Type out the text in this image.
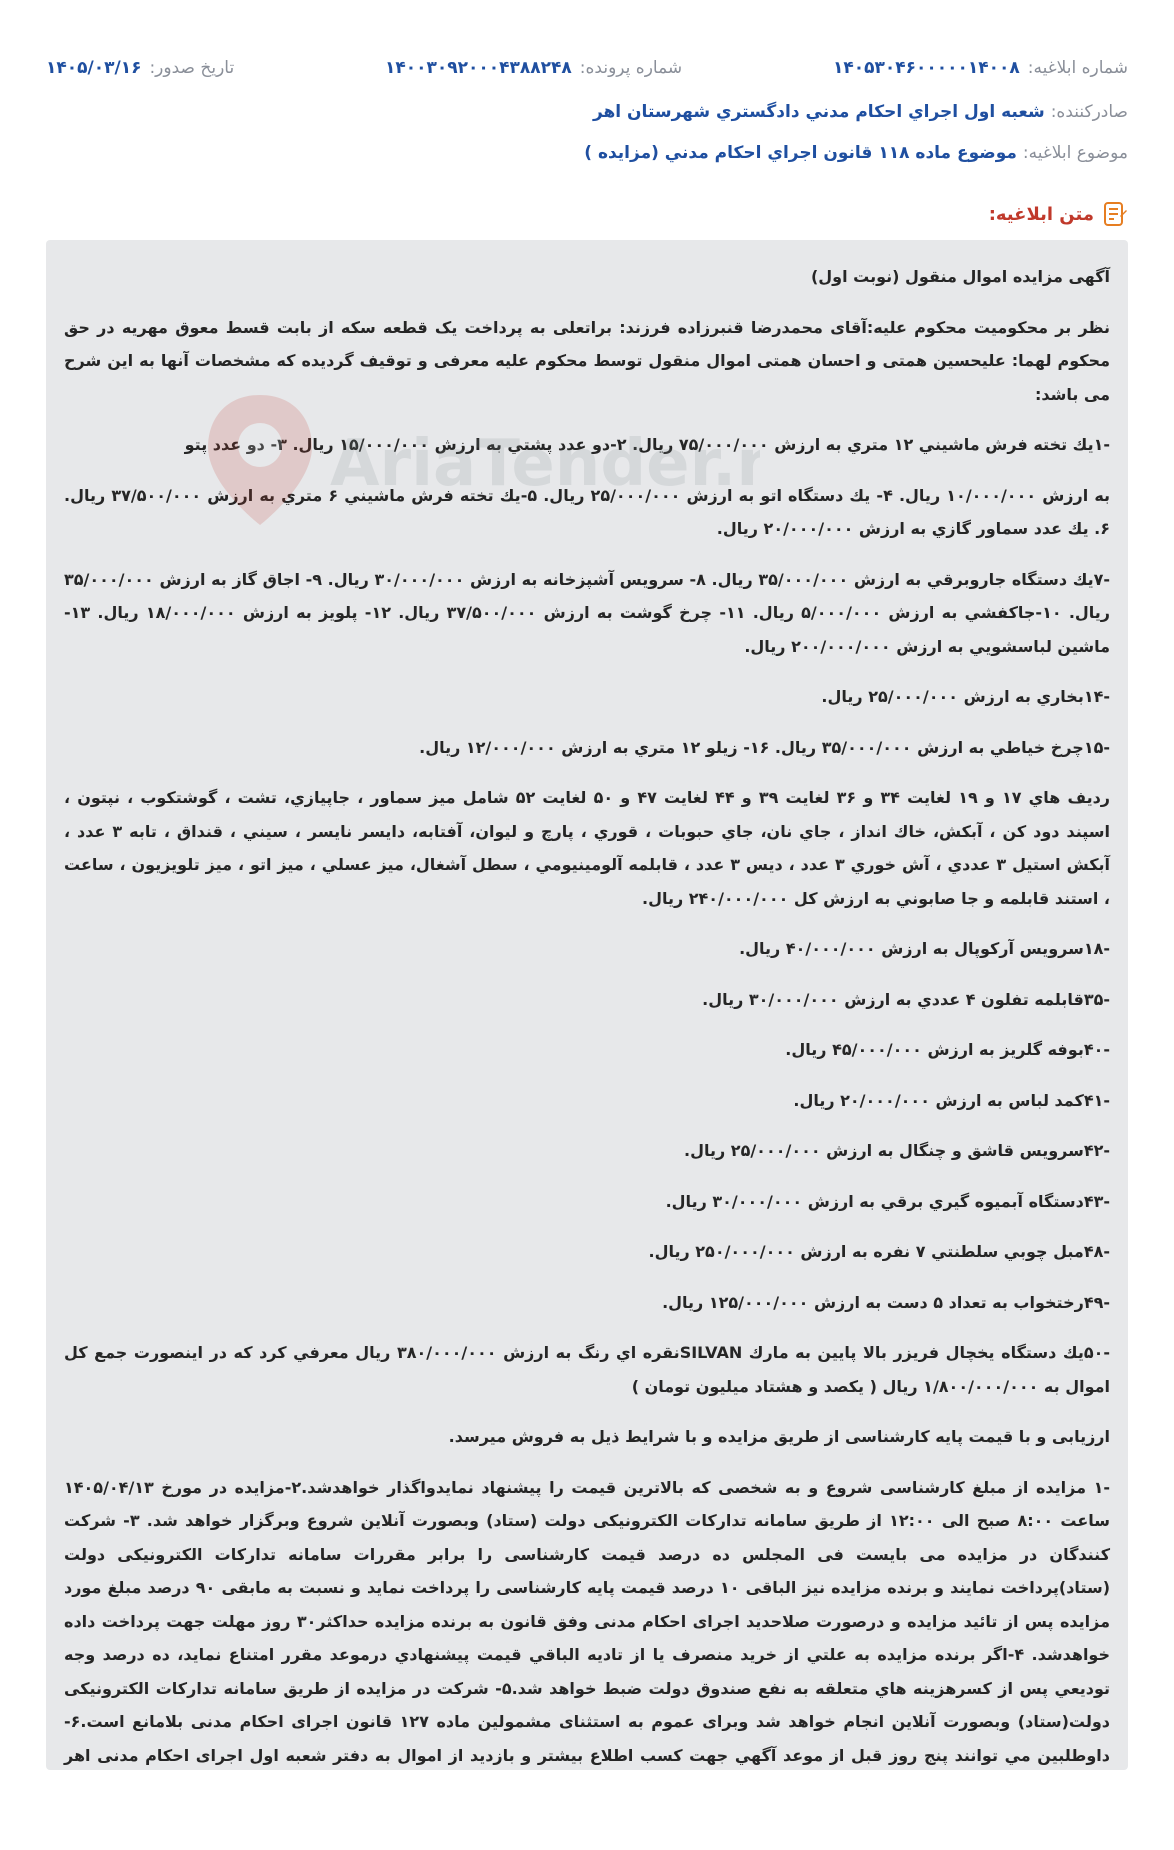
شماره ابلاغیه:
۱۴۰۵۳۰۴۶۰۰۰۰۰۱۴۰۰۸
شماره پرونده:
۱۴۰۰۳۰۹۲۰۰۰۴۳۸۸۲۴۸
تاریخ صدور:
۱۴۰۵/۰۳/۱۶
صادرکننده:شعبه اول اجراي احكام مدني دادگستري شهرستان اهر
موضوع ابلاغیه:موضوع ماده ۱۱۸ قانون اجراي احكام مدني (مزایده )
متن ابلاغیه:

آگهی مزایده اموال منقول (نوبت اول)

نظر بر محکومیت محکوم علیه:آقای محمدرضا قنبرزاده فرزند: براتعلی به پرداخت یک قطعه سکه از بابت قسط معوق مهریه در حق محکوم لهما: علیحسین همتی و احسان همتی اموال منقول توسط محکوم علیه معرفی و توقیف گردیده که مشخصات آنها به این شرح می باشد:

-۱يك تخته فرش ماشيني ۱۲ متري به ارزش ۷۵/۰۰۰/۰۰۰ ريال. ۲-دو عدد پشتي به ارزش ۱۵/۰۰۰/۰۰۰ ريال. ۳- دو عدد پتو

به ارزش ۱۰/۰۰۰/۰۰۰ ريال. ۴- يك دستگاه اتو به ارزش ۲۵/۰۰۰/۰۰۰ ريال. ۵-يك تخته فرش ماشيني ۶ متري به ارزش ۳۷/۵۰۰/۰۰۰ ريال. ۶. يك عدد سماور گازي به ارزش ۲۰/۰۰۰/۰۰۰ ريال.

-۷يك دستگاه جاروبرقي به ارزش ۳۵/۰۰۰/۰۰۰ ريال. ۸- سرويس آشپزخانه به ارزش ۳۰/۰۰۰/۰۰۰ ريال. ۹- اجاق گاز به ارزش ۳۵/۰۰۰/۰۰۰ ريال. ۱۰-جاكفشي به ارزش ۵/۰۰۰/۰۰۰ ريال. ۱۱- چرخ گوشت به ارزش ۳۷/۵۰۰/۰۰۰ ريال. ۱۲- پلويز به ارزش ۱۸/۰۰۰/۰۰۰ ريال. ۱۳- ماشين لباسشويي به ارزش ۲۰۰/۰۰۰/۰۰۰ ريال.

-۱۴بخاري به ارزش ۲۵/۰۰۰/۰۰۰ ريال.

-۱۵چرخ خياطي به ارزش ۳۵/۰۰۰/۰۰۰ ريال. ۱۶- زيلو ۱۲ متري به ارزش ۱۲/۰۰۰/۰۰۰ ريال.

رديف هاي ۱۷ و ۱۹ لغايت ۳۴ و ۳۶ لغايت ۳۹ و ۴۴ لغايت ۴۷ و ۵۰ لغايت ۵۲ شامل ميز سماور ، جاپيازي، تشت ، گوشتكوب ، نپتون ، اسپند دود كن ، آبكش، خاك انداز ، جاي نان، جاي حبوبات ، قوري ، پارچ و ليوان، آفتابه، دايسر نايسر ، سيني ، قنداق ، تابه ۳ عدد ، آبكش استيل ۳ عددي ، آش خوري ۳ عدد ، ديس ۳ عدد ، قابلمه آلومينيومي ، سطل آشغال، ميز عسلي ، ميز اتو ، ميز تلويزيون ، ساعت ، استند قابلمه و جا صابوني به ارزش كل ۲۴۰/۰۰۰/۰۰۰ ريال.

-۱۸سرويس آركوپال به ارزش ۴۰/۰۰۰/۰۰۰ ريال.

-۳۵قابلمه تفلون ۴ عددي به ارزش ۳۰/۰۰۰/۰۰۰ ريال.

-۴۰بوفه گلريز به ارزش ۴۵/۰۰۰/۰۰۰ ريال.

-۴۱كمد لباس به ارزش ۲۰/۰۰۰/۰۰۰ ريال.

-۴۲سرويس قاشق و چنگال به ارزش ۲۵/۰۰۰/۰۰۰ ريال.

-۴۳دستگاه آبميوه گيري برقي به ارزش ۳۰/۰۰۰/۰۰۰ ريال.

-۴۸مبل چوبي سلطنتي ۷ نفره به ارزش ۲۵۰/۰۰۰/۰۰۰ ريال.

-۴۹رختخواب به تعداد ۵ دست به ارزش ۱۲۵/۰۰۰/۰۰۰ ريال.

-۵۰يك دستگاه يخچال فريزر بالا پايين به مارك SILVANنقره اي رنگ به ارزش ۳۸۰/۰۰۰/۰۰۰ ريال معرفي كرد كه در اينصورت جمع كل اموال به ۱/۸۰۰/۰۰۰/۰۰۰ ريال ( يكصد و هشتاد ميليون تومان )

ارزيابی و با قيمت پايه كارشناسی از طريق مزايده و با شرايط ذيل به فروش ميرسد.

-۱ مزايده از مبلغ كارشناسی شروع و به شخصی كه بالاترين قيمت را پيشنهاد نمايدواگذار خواهدشد.۲-مزايده در مورخ ۱۴۰۵/۰۴/۱۳ ساعت ۸:۰۰ صبح الی ۱۲:۰۰ از طريق سامانه تداركات الكترونيكی دولت (ستاد) وبصورت آنلاين شروع وبرگزار خواهد شد. ۳- شركت كنندگان در مزايده می بايست فی المجلس ده درصد قيمت كارشناسی را برابر مقررات سامانه تداركات الكترونيكی دولت (ستاد)پرداخت نمايند و برنده مزايده نيز الباقی ۱۰ درصد قيمت پايه كارشناسی را پرداخت نمايد و نسبت به مابقی ۹۰ درصد مبلغ مورد مزايده پس از تائيد مزايده و درصورت صلاحديد اجرای احكام مدنی وفق قانون به برنده مزايده حداكثر۳۰ روز مهلت جهت پرداخت داده خواهدشد. ۴-اگر برنده مزايده به علتي از خريد منصرف يا از تاديه الباقي قيمت پيشنهادي درموعد مقرر امتناع نمايد، ده درصد وجه توديعي پس از كسرهزينه هاي متعلقه به نفع صندوق دولت ضبط خواهد شد.۵- شركت در مزايده از طريق سامانه تداركات الكترونيكی دولت(ستاد) وبصورت آنلاين انجام خواهد شد وبرای عموم به استثنای مشمولين ماده ۱۲۷ قانون اجرای احكام مدنی بلامانع است.۶-داوطلبين مي توانند پنج روز قبل از موعد آگهي جهت كسب اطلاع بيشتر و بازديد از اموال به دفتر شعبه اول اجرای احكام مدنی اهر
